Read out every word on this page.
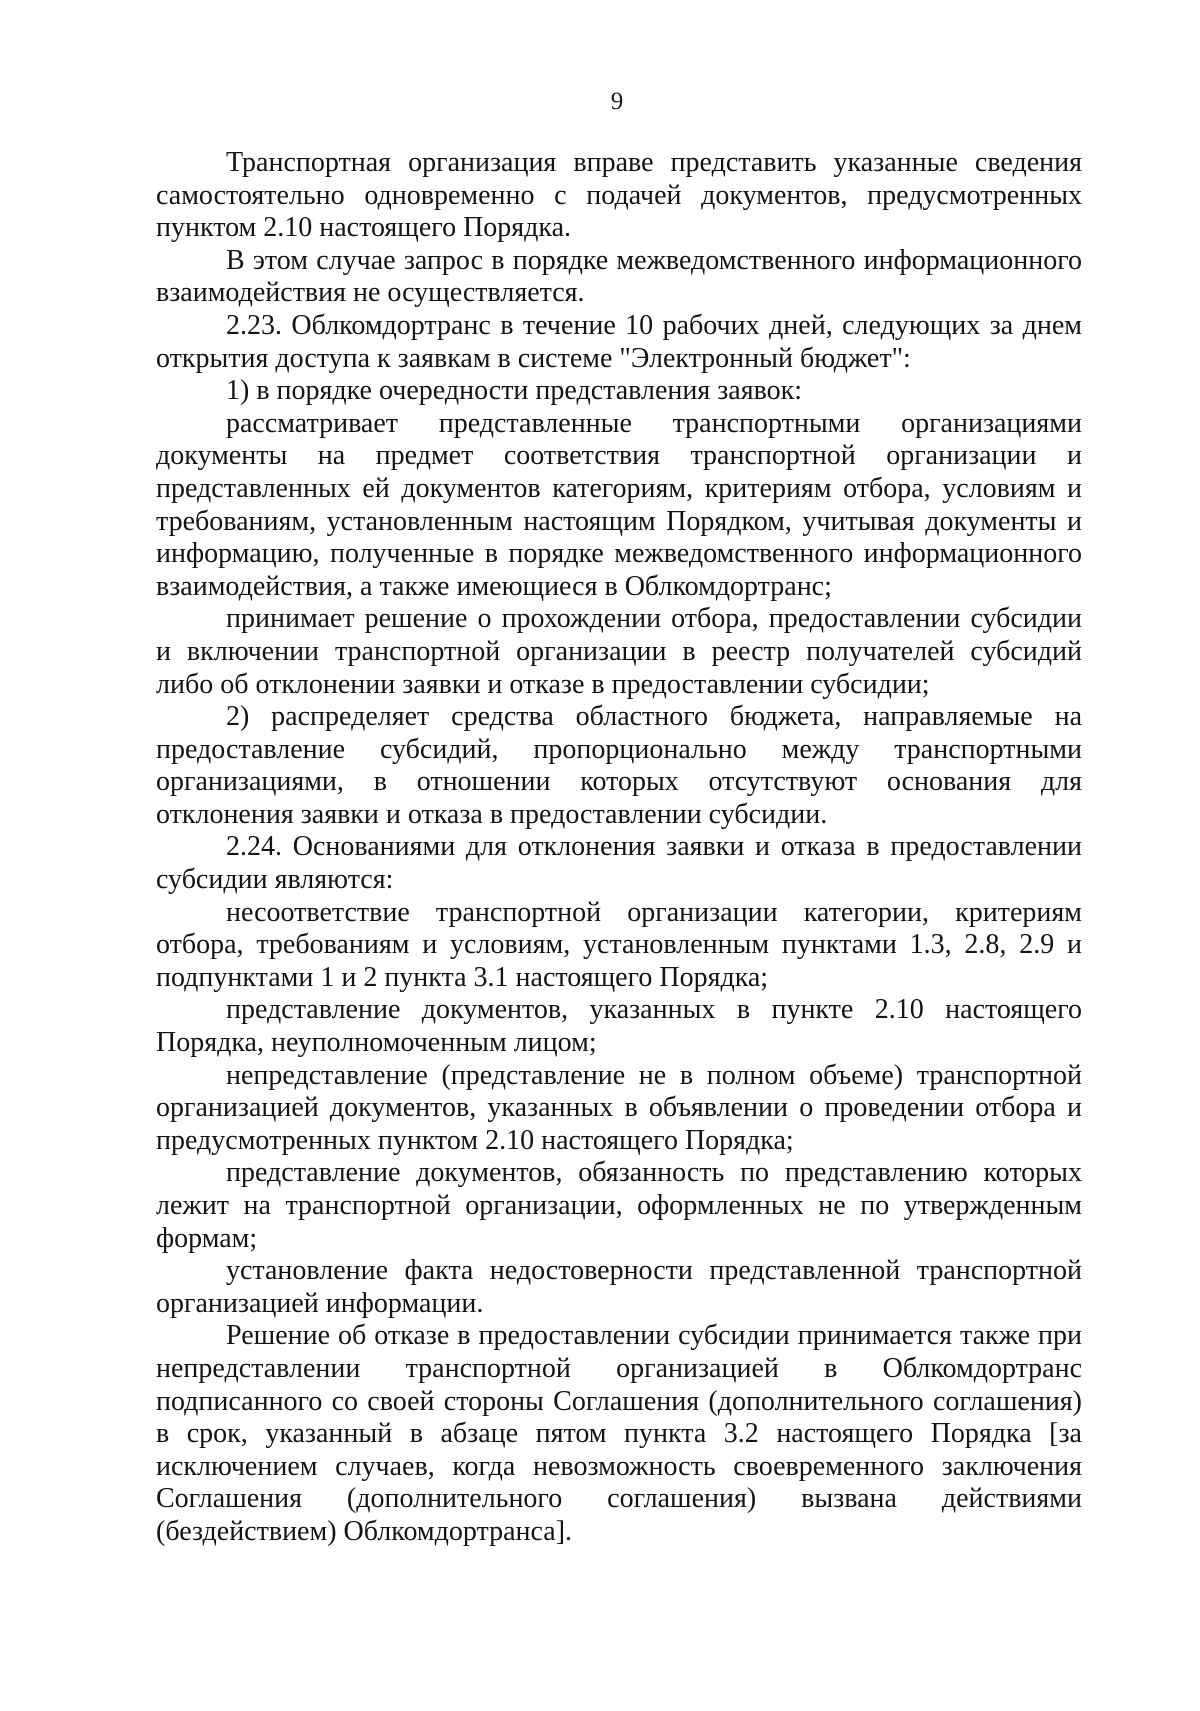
9

Транспортная организация вправе представить указанные сведения самостоятельно одновременно с подачей документов, предусмотренных пунктом 2.10 настоящего Порядка.

В этом случае запрос в порядке межведомственного информационного взаимодействия не осуществляется.

2.23. Облкомдортранс в течение 10 рабочих дней, следующих за днем открытия доступа к заявкам в системе "Электронный бюджет":

1) в порядке очередности представления заявок:

рассматривает представленные транспортными организациями документы на предмет соответствия транспортной организации и представленных ей документов категориям, критериям отбора, условиям и требованиям, установленным настоящим Порядком, учитывая документы и информацию, полученные в порядке межведомственного информационного взаимодействия, а также имеющиеся в Облкомдортранс;

принимает решение о прохождении отбора, предоставлении субсидии и включении транспортной организации в реестр получателей субсидий либо об отклонении заявки и отказе в предоставлении субсидии;

2) распределяет средства областного бюджета, направляемые на предоставление субсидий, пропорционально между транспортными организациями, в отношении которых отсутствуют основания для отклонения заявки и отказа в предоставлении субсидии.

2.24. Основаниями для отклонения заявки и отказа в предоставлении субсидии являются:

несоответствие транспортной организации категории, критериям отбора, требованиям и условиям, установленным пунктами 1.3, 2.8, 2.9 и подпунктами 1 и 2 пункта 3.1 настоящего Порядка;

представление документов, указанных в пункте 2.10 настоящего Порядка, неуполномоченным лицом;

непредставление (представление не в полном объеме) транспортной организацией документов, указанных в объявлении о проведении отбора и предусмотренных пунктом 2.10 настоящего Порядка;

представление документов, обязанность по представлению которых лежит на транспортной организации, оформленных не по утвержденным формам;

установление факта недостоверности представленной транспортной организацией информации.

Решение об отказе в предоставлении субсидии принимается также при непредставлении транспортной организацией в Облкомдортранс подписанного со своей стороны Соглашения (дополнительного соглашения) в срок, указанный в абзаце пятом пункта 3.2 настоящего Порядка [за исключением случаев, когда невозможность своевременного заключения Соглашения (дополнительного соглашения) вызвана действиями (бездействием) Облкомдортранса].
